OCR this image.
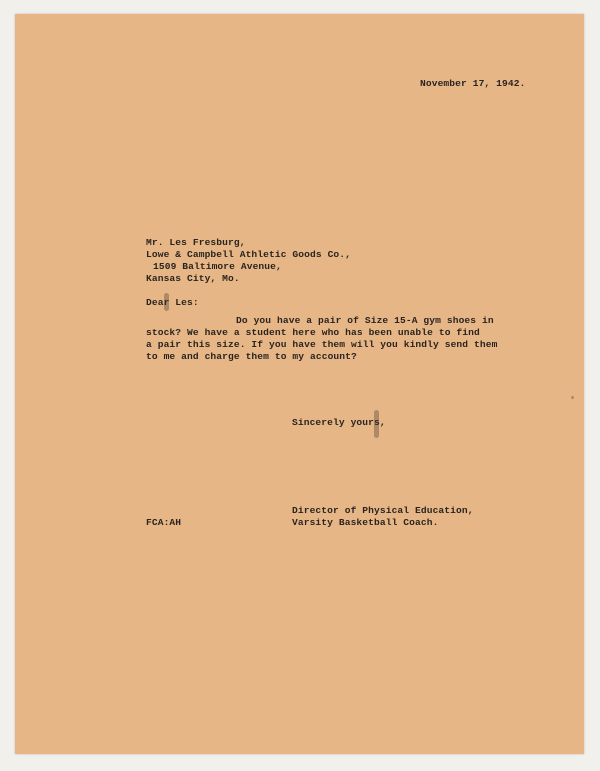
November 17, 1942.

Mr. Les Fresburg,

Lowe & Campbell Athletic Goods Co.,

1509 Baltimore Avenue,

Kansas City, Mo.

Dear Les:

Do you have a pair of Size 15-A gym shoes in

stock? We have a student here who has been unable to find

a pair this size. If you have them will you kindly send them

to me and charge them to my account?

Sincerely yours,

Director of Physical Education,

Varsity Basketball Coach.

FCA:AH
